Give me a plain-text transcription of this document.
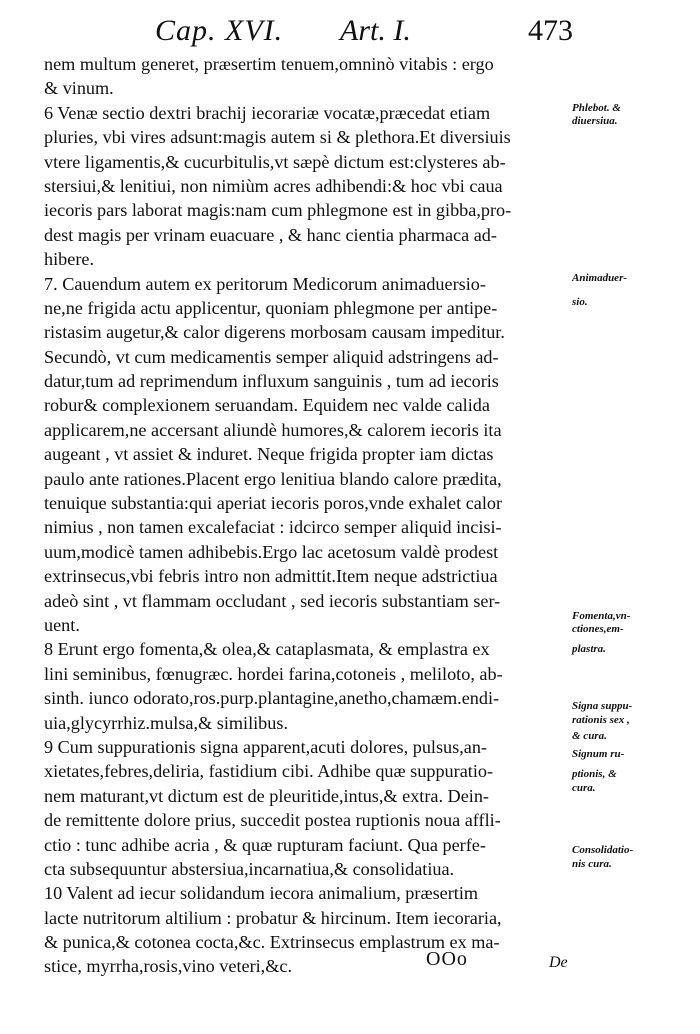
Cap. XVI. Art. I.	473
nem multum generet, præsertim tenuem,omninò vitabis : ergo
& vinum.
6 Venæ sectio dextri brachij iecorariæ vocatæ,præcedat etiam
pluries, vbi vires adsunt:magis autem si & plethora.Et diversiuis
vtere ligamentis,& cucurbitulis,vt sæpè dictum est:clysteres ab-
stersiui,& lenitiui, non nimiùm acres adhibendi:& hoc vbi caua
iecoris pars laborat magis:nam cum phlegmone est in gibba,pro-
dest magis per vrinam euacuare , & hanc cientia pharmaca ad-
hibere.
7. Cauendum autem ex peritorum Medicorum animaduersio-
ne,ne frigida actu applicentur, quoniam phlegmone per antipe-
ristasim augetur,& calor digerens morbosam causam impeditur.
Secundò, vt cum medicamentis semper aliquid adstringens ad-
datur,tum ad reprimendum influxum sanguinis , tum ad iecoris
robur& complexionem seruandam. Equidem nec valde calida
applicarem,ne accersant aliundè humores,& calorem iecoris ita
augeant , vt assiet & induret. Neque frigida propter iam dictas
paulo ante rationes.Placent ergo lenitiua blando calore prædita,
tenuique substantia:qui aperiat iecoris poros,vnde exhalet calor
nimius , non tamen excalefaciat : idcirco semper aliquid incisi-
uum,modicè tamen adhibebis.Ergo lac acetosum valdè prodest
extrinsecus,vbi febris intro non admittit.Item neque adstrictiua
adeò sint , vt flammam occludant , sed iecoris substantiam ser-
uent.
8 Erunt ergo fomenta,& olea,& cataplasmata, & emplastra ex
lini seminibus, fœnugræc. hordei farina,cotoneis , meliloto, ab-
sinth. iunco odorato,ros.purp.plantagine,anetho,chamæm.endi-
uia,glycyrrhiz.mulsa,& similibus.
9 Cum suppurationis signa apparent,acuti dolores, pulsus,an-
xietates,febres,deliria, fastidium cibi. Adhibe quæ suppuratio-
nem maturant,vt dictum est de pleuritide,intus,& extra. Dein-
de remittente dolore prius, succedit postea ruptionis noua affli-
ctio : tunc adhibe acria , & quæ rupturam faciunt. Qua perfe-
cta subsequuntur abstersiua,incarnatiua,& consolidatiua.
10 Valent ad iecur solidandum iecora animalium, præsertim
lacte nutritorum altilium : probatur & hircinum. Item iecoraria,
& punica,& cotonea cocta,&c. Extrinsecus emplastrum ex ma-
stice, myrrha,rosis,vino veteri,&c.
Phlebot. &
diuersiua.
Animaduer-
sio.
Fomenta,vn-
ctiones,em-
plastra.
Signa suppu-
rationis sex ,
& cura.
Signum ru-
ptionis, &
cura.
Consolidatio-
nis cura.
OOo	De
